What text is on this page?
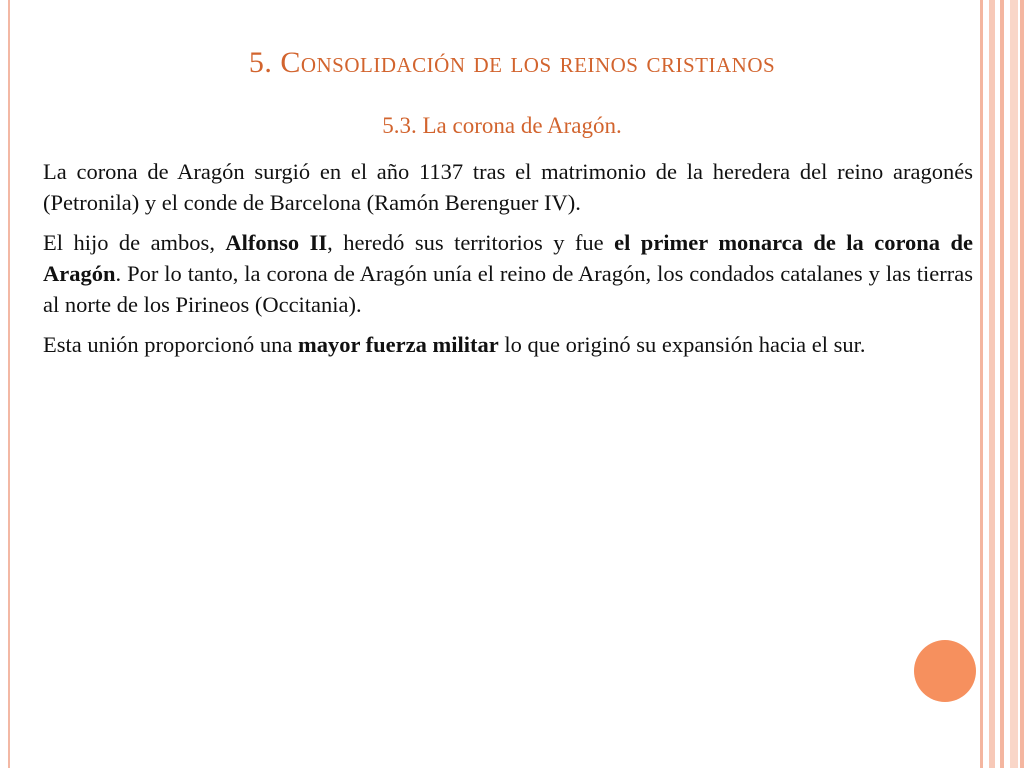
5. Consolidación de los reinos cristianos
5.3. La corona de Aragón.

La corona de Aragón surgió en el año 1137 tras el matrimonio de la heredera del reino aragonés (Petronila) y el conde de Barcelona (Ramón Berenguer IV).

El hijo de ambos, Alfonso II, heredó sus territorios y fue el primer monarca de la corona de Aragón. Por lo tanto, la corona de Aragón unía el reino de Aragón, los condados catalanes y las tierras al norte de los Pirineos (Occitania).

Esta unión proporcionó una mayor fuerza militar lo que originó su expansión hacia el sur.
